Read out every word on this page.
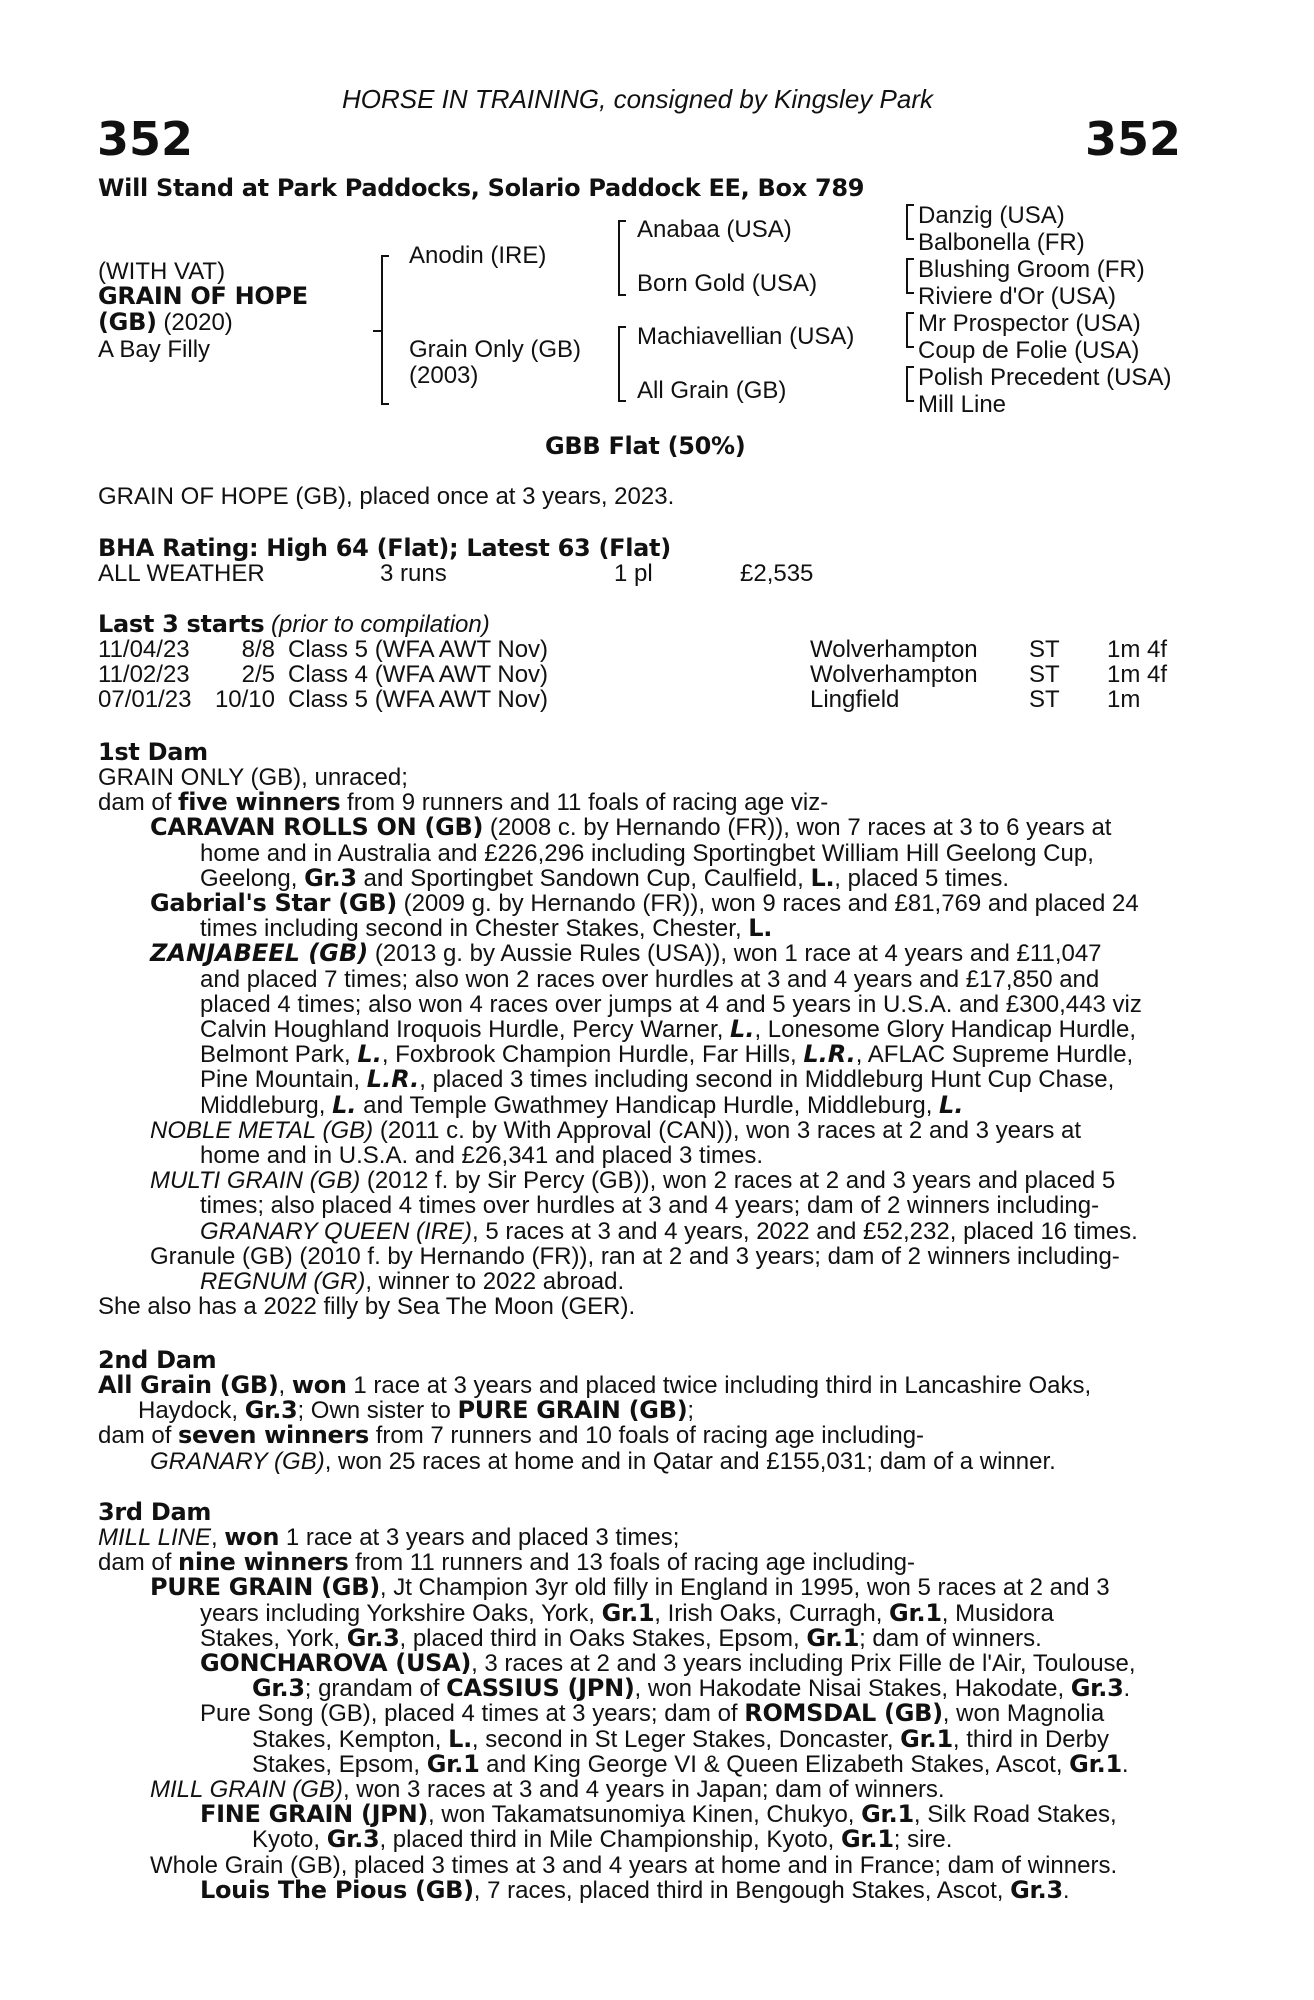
HORSE IN TRAINING, consigned by Kingsley Park
352	352
Will Stand at Park Paddocks, Solario Paddock EE, Box 789
(WITH VAT)
GRAIN OF HOPE
(GB) (2020)
A Bay Filly
Anodin (IRE)
Grain Only (GB)
(2003)
Anabaa (USA)
Born Gold (USA)
Machiavellian (USA)
All Grain (GB)
Danzig (USA)
Balbonella (FR)
Blushing Groom (FR)
Riviere d'Or (USA)
Mr Prospector (USA)
Coup de Folie (USA)
Polish Precedent (USA)
Mill Line
GBB Flat (50%)
GRAIN OF HOPE (GB), placed once at 3 years, 2023.
BHA Rating: High 64 (Flat); Latest 63 (Flat)
ALL WEATHER	3 runs	1 pl	£2,535
Last 3 starts (prior to compilation)
11/04/23 8/8 Class 5 (WFA AWT Nov)	Wolverhampton ST 1m 4f
11/02/23 2/5 Class 4 (WFA AWT Nov)	Wolverhampton ST 1m 4f
07/01/23 10/10 Class 5 (WFA AWT Nov)	Lingfield	ST 1m
1st Dam
GRAIN ONLY (GB), unraced;
dam of five winners from 9 runners and 11 foals of racing age viz-
CARAVAN ROLLS ON (GB) (2008 c. by Hernando (FR)), won 7 races at 3 to 6 years at
home and in Australia and £226,296 including Sportingbet William Hill Geelong Cup,
Geelong, Gr.3 and Sportingbet Sandown Cup, Caulfield, L., placed 5 times.
Gabrial's Star (GB) (2009 g. by Hernando (FR)), won 9 races and £81,769 and placed 24
times including second in Chester Stakes, Chester, L.
ZANJABEEL (GB) (2013 g. by Aussie Rules (USA)), won 1 race at 4 years and £11,047
and placed 7 times; also won 2 races over hurdles at 3 and 4 years and £17,850 and
placed 4 times; also won 4 races over jumps at 4 and 5 years in U.S.A. and £300,443 viz
Calvin Houghland Iroquois Hurdle, Percy Warner, L., Lonesome Glory Handicap Hurdle,
Belmont Park, L., Foxbrook Champion Hurdle, Far Hills, L.R., AFLAC Supreme Hurdle,
Pine Mountain, L.R., placed 3 times including second in Middleburg Hunt Cup Chase,
Middleburg, L. and Temple Gwathmey Handicap Hurdle, Middleburg, L.
NOBLE METAL (GB) (2011 c. by With Approval (CAN)), won 3 races at 2 and 3 years at
home and in U.S.A. and £26,341 and placed 3 times.
MULTI GRAIN (GB) (2012 f. by Sir Percy (GB)), won 2 races at 2 and 3 years and placed 5
times; also placed 4 times over hurdles at 3 and 4 years; dam of 2 winners including-
GRANARY QUEEN (IRE), 5 races at 3 and 4 years, 2022 and £52,232, placed 16 times.
Granule (GB) (2010 f. by Hernando (FR)), ran at 2 and 3 years; dam of 2 winners including-
REGNUM (GR), winner to 2022 abroad.
She also has a 2022 filly by Sea The Moon (GER).
2nd Dam
All Grain (GB), won 1 race at 3 years and placed twice including third in Lancashire Oaks,
Haydock, Gr.3; Own sister to PURE GRAIN (GB);
dam of seven winners from 7 runners and 10 foals of racing age including-
GRANARY (GB), won 25 races at home and in Qatar and £155,031; dam of a winner.
3rd Dam
MILL LINE, won 1 race at 3 years and placed 3 times;
dam of nine winners from 11 runners and 13 foals of racing age including-
PURE GRAIN (GB), Jt Champion 3yr old filly in England in 1995, won 5 races at 2 and 3
years including Yorkshire Oaks, York, Gr.1, Irish Oaks, Curragh, Gr.1, Musidora
Stakes, York, Gr.3, placed third in Oaks Stakes, Epsom, Gr.1; dam of winners.
GONCHAROVA (USA), 3 races at 2 and 3 years including Prix Fille de l'Air, Toulouse,
Gr.3; grandam of CASSIUS (JPN), won Hakodate Nisai Stakes, Hakodate, Gr.3.
Pure Song (GB), placed 4 times at 3 years; dam of ROMSDAL (GB), won Magnolia
Stakes, Kempton, L., second in St Leger Stakes, Doncaster, Gr.1, third in Derby
Stakes, Epsom, Gr.1 and King George VI & Queen Elizabeth Stakes, Ascot, Gr.1.
MILL GRAIN (GB), won 3 races at 3 and 4 years in Japan; dam of winners.
FINE GRAIN (JPN), won Takamatsunomiya Kinen, Chukyo, Gr.1, Silk Road Stakes,
Kyoto, Gr.3, placed third in Mile Championship, Kyoto, Gr.1; sire.
Whole Grain (GB), placed 3 times at 3 and 4 years at home and in France; dam of winners.
Louis The Pious (GB), 7 races, placed third in Bengough Stakes, Ascot, Gr.3.
